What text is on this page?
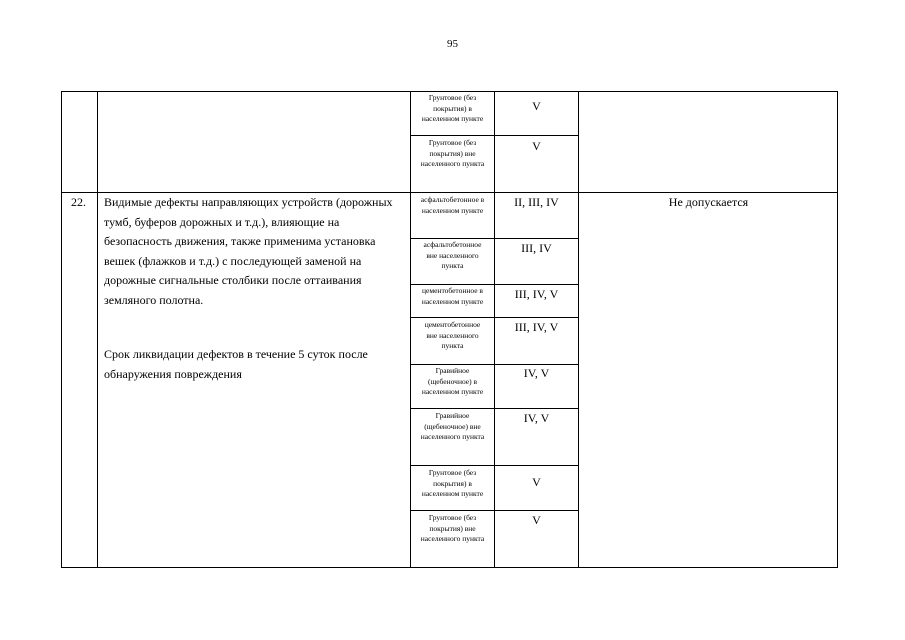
95
Грунтовое (без покрытия) в населенном пункте
V
Грунтовое (без покрытия) вне населенного пункта
V
22.	Видимые дефекты направляющих устройств (дорожных тумб, буферов дорожных и т.д.), влияющие на безопасность движения, также применима установка вешек (флажков и т.д.) с последующей заменой на дорожные сигнальные столбики после оттаивания земляного полотна.
Срок ликвидации дефектов в течение 5 суток после обнаружения повреждения
Не допускается
асфальтобетонное в населенном пункте
II, III, IV
асфальтобетонное вне населенного пункта
III, IV
цементобетонное в населенном пункте	III, IV, V
цементобетонное вне населенного пункта
III, IV, V
Гравийное (щебеночное) в населенном пункте
IV, V
Гравийное (щебеночное) вне населенного пункта
IV, V
Грунтовое (без покрытия) в населенном пункте
V
Грунтовое (без покрытия) вне населенного пункта
V
